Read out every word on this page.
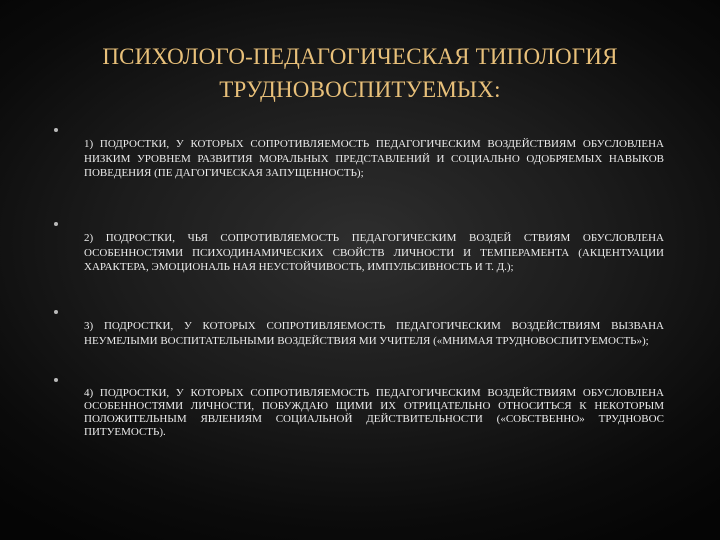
ПСИХОЛОГО-ПЕДАГОГИЧЕСКАЯ ТИПОЛОГИЯ ТРУДНОВОСПИТУЕМЫХ:
1) ПОДРОСТКИ, У КОТОРЫХ СОПРОТИВЛЯЕМОСТЬ ПЕДАГОГИЧЕСКИМ ВОЗДЕЙСТВИЯМ ОБУСЛОВЛЕНА НИЗКИМ УРОВНЕМ РАЗВИТИЯ МОРАЛЬНЫХ ПРЕДСТАВЛЕНИЙ И СОЦИАЛЬНО ОДОБРЯЕМЫХ НАВЫКОВ ПОВЕДЕНИЯ (ПЕ ДАГОГИЧЕСКАЯ ЗАПУЩЕННОСТЬ);
2) ПОДРОСТКИ, ЧЬЯ СОПРОТИВЛЯЕМОСТЬ ПЕДАГОГИЧЕСКИМ ВОЗДЕЙ СТВИЯМ ОБУСЛОВЛЕНА ОСОБЕННОСТЯМИ ПСИХОДИНАМИЧЕСКИХ СВОЙСТВ ЛИЧНОСТИ И ТЕМПЕРАМЕНТА (АКЦЕНТУАЦИИ ХАРАКТЕРА, ЭМОЦИОНАЛЬ НАЯ НЕУСТОЙЧИВОСТЬ, ИМПУЛЬСИВНОСТЬ И Т. Д.);
3) ПОДРОСТКИ, У КОТОРЫХ СОПРОТИВЛЯЕМОСТЬ ПЕДАГОГИЧЕСКИМ ВОЗДЕЙСТВИЯМ ВЫЗВАНА НЕУМЕЛЫМИ ВОСПИТАТЕЛЬНЫМИ ВОЗДЕЙСТВИЯ МИ УЧИТЕЛЯ («МНИМАЯ ТРУДНОВОСПИТУЕМОСТЬ»);
4) ПОДРОСТКИ, У КОТОРЫХ СОПРОТИВЛЯЕМОСТЬ ПЕДАГОГИЧЕСКИМ ВОЗДЕЙСТВИЯМ ОБУСЛОВЛЕНА ОСОБЕННОСТЯМИ ЛИЧНОСТИ, ПОБУЖДАЮ ЩИМИ ИХ ОТРИЦАТЕЛЬНО ОТНОСИТЬСЯ К НЕКОТОРЫМ ПОЛОЖИТЕЛЬНЫМ ЯВЛЕНИЯМ СОЦИАЛЬНОЙ ДЕЙСТВИТЕЛЬНОСТИ («СОБСТВЕННО» ТРУДНОВОС ПИТУЕМОСТЬ).
